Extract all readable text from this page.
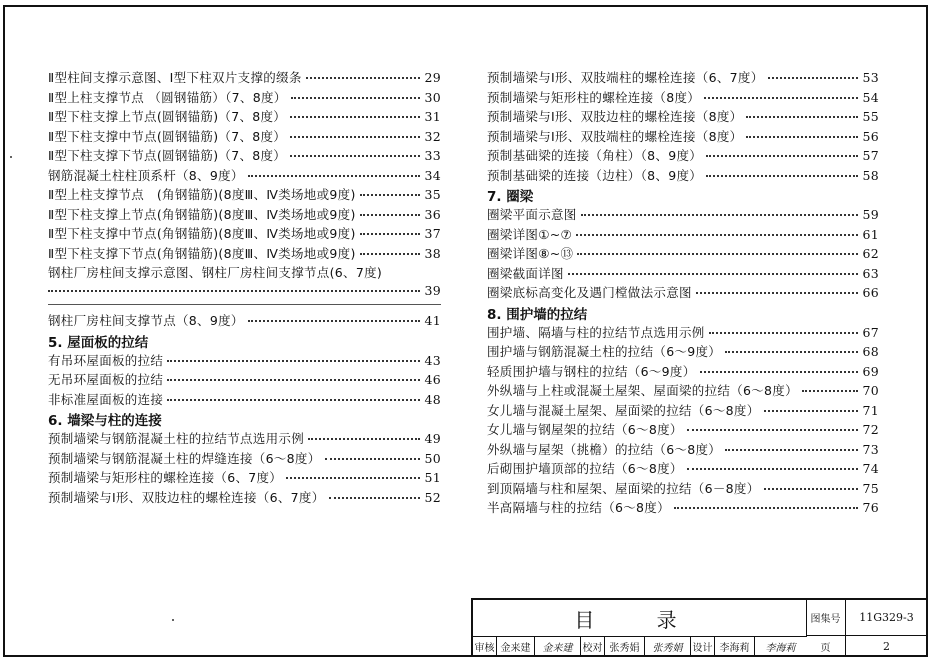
Ⅱ型柱间支撑示意图、Ⅰ型下柱双片支撑的缀条	29
Ⅱ型上柱支撑节点 （圆钢锚筋）（7、8度）	30
Ⅱ型下柱支撑上节点(圆钢锚筋)（7、8度）	31
Ⅱ型下柱支撑中节点(圆钢锚筋)（7、8度）	32
Ⅱ型下柱支撑下节点(圆钢锚筋)（7、8度）	33
钢筋混凝土柱柱顶系杆（8、9度）	34
Ⅱ型上柱支撑节点　(角钢锚筋)(8度Ⅲ、Ⅳ类场地或9度)	35
Ⅱ型下柱支撑上节点(角钢锚筋)(8度Ⅲ、Ⅳ类场地或9度)	36
Ⅱ型下柱支撑中节点(角钢锚筋)(8度Ⅲ、Ⅳ类场地或9度)	37
Ⅱ型下柱支撑下节点(角钢锚筋)(8度Ⅲ、Ⅳ类场地或9度)	38
钢柱厂房柱间支撑示意图、钢柱厂房柱间支撑节点(6、7度)
39
钢柱厂房柱间支撑节点（8、9度）	41
5. 屋面板的拉结
有吊环屋面板的拉结	43
无吊环屋面板的拉结	46
非标准屋面板的连接	48
6. 墙梁与柱的连接
预制墙梁与钢筋混凝土柱的拉结节点选用示例	49
预制墙梁与钢筋混凝土柱的焊缝连接（6～8度）	50
预制墙梁与矩形柱的螺栓连接（6、7度）	51
预制墙梁与Ⅰ形、双肢边柱的螺栓连接（6、7度）	52
预制墙梁与Ⅰ形、双肢端柱的螺栓连接（6、7度）	53
预制墙梁与矩形柱的螺栓连接（8度）	54
预制墙梁与Ⅰ形、双肢边柱的螺栓连接（8度）	55
预制墙梁与Ⅰ形、双肢端柱的螺栓连接（8度）	56
预制基础梁的连接（角柱）（8、9度）	57
预制基础梁的连接（边柱）（8、9度）	58
7. 圈梁
圈梁平面示意图	59
圈梁详图①~⑦	61
圈梁详图⑧~⑬	62
圈梁截面详图	63
圈梁底标高变化及遇门樘做法示意图	66
8. 围护墙的拉结
围护墙、隔墙与柱的拉结节点选用示例	67
围护墙与钢筋混凝土柱的拉结（6～9度）	68
轻质围护墙与钢柱的拉结（6～9度）	69
外纵墙与上柱或混凝土屋架、屋面梁的拉结（6～8度）	70
女儿墙与混凝土屋架、屋面梁的拉结（6～8度）	71
女儿墙与钢屋架的拉结（6～8度）	72
外纵墙与屋架（挑檐）的拉结（6～8度）	73
后砌围护墙顶部的拉结（6～8度）	74
到顶隔墙与柱和屋架、屋面梁的拉结（6－8度）	75
半高隔墙与柱的拉结（6～8度）	76
目 录	图集号	11G329-3
页	2
审核 金来建	金来建	校对 张秀娟	张秀娟	设计 李海莉	李海莉
